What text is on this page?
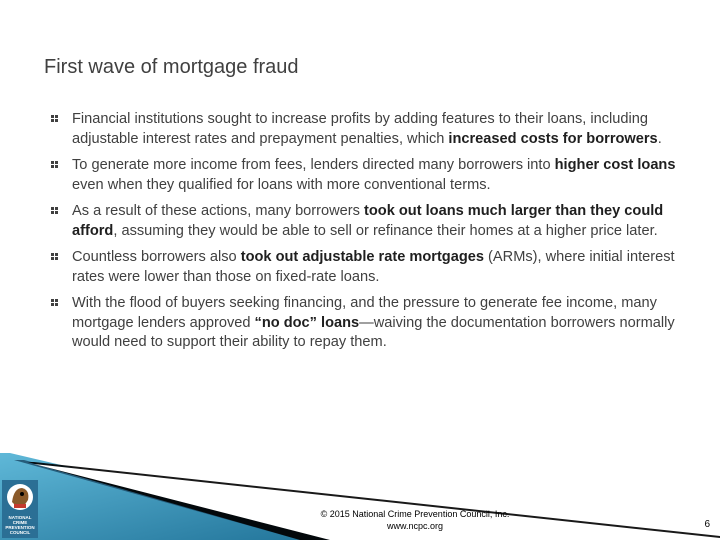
First wave of mortgage fraud
Financial institutions sought to increase profits by adding features to their loans, including adjustable interest rates and prepayment penalties, which increased costs for borrowers.
To generate more income from fees, lenders directed many borrowers into higher cost loans even when they qualified for loans with more conventional terms.
As a result of these actions, many borrowers took out loans much larger than they could afford, assuming they would be able to sell or refinance their homes at a higher price later.
Countless borrowers also took out adjustable rate mortgages (ARMs), where initial interest rates were lower than those on fixed-rate loans.
With the flood of buyers seeking financing, and the pressure to generate fee income, many mortgage lenders approved “no doc” loans—waiving the documentation borrowers normally would need to support their ability to repay them.
NATIONAL CRIME PREVENTION COUNCIL
© 2015 National Crime Prevention Council, Inc.
www.ncpc.org	6
